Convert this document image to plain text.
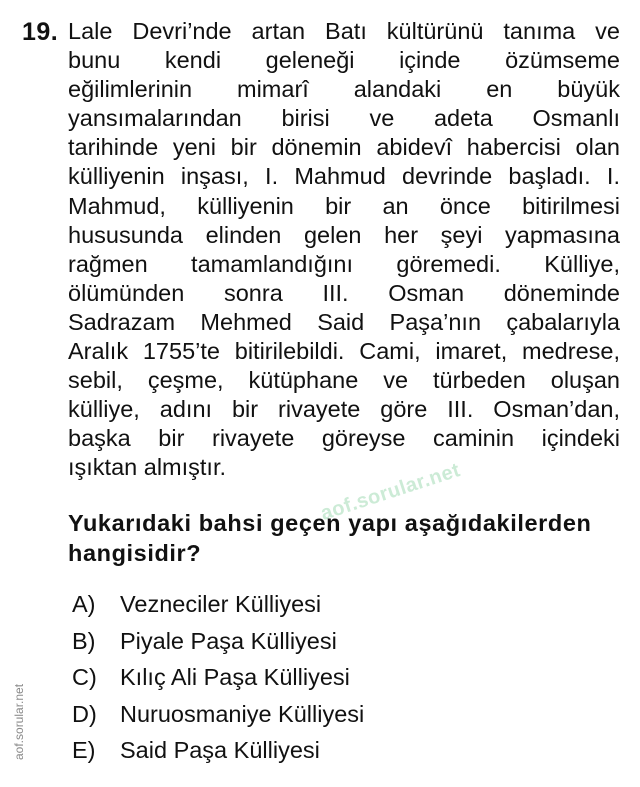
19. Lale Devri’nde artan Batı kültürünü tanıma ve
bunu kendi geleneği içinde özümseme
eğilimlerinin mimarî alandaki en büyük
yansımalarından birisi ve adeta Osmanlı
tarihinde yeni bir dönemin abidevî habercisi olan
külliyenin inşası, I. Mahmud devrinde başladı. I.
Mahmud, külliyenin bir an önce bitirilmesi
hususunda elinden gelen her şeyi yapmasına
rağmen tamamlandığını göremedi. Külliye,
ölümünden sonra III. Osman döneminde
Sadrazam Mehmed Said Paşa’nın çabalarıyla
Aralık 1755’te bitirilebildi. Cami, imaret, medrese,
sebil, çeşme, kütüphane ve türbeden oluşan
külliye, adını bir rivayete göre III. Osman’dan,
başka bir rivayete göreyse caminin içindeki
ışıktan almıştır.	aof.sorular.net
Yukarıdaki bahsi geçen yapı aşağıdakilerden
hangisidir?
A)	Vezneciler Külliyesi
B)	Piyale Paşa Külliyesi
C) Kılıç Ali Paşa Külliyesi
D) Nuruosmaniye Külliyesi
E)	Said Paşa Külliyesi
aof.sorular.net
